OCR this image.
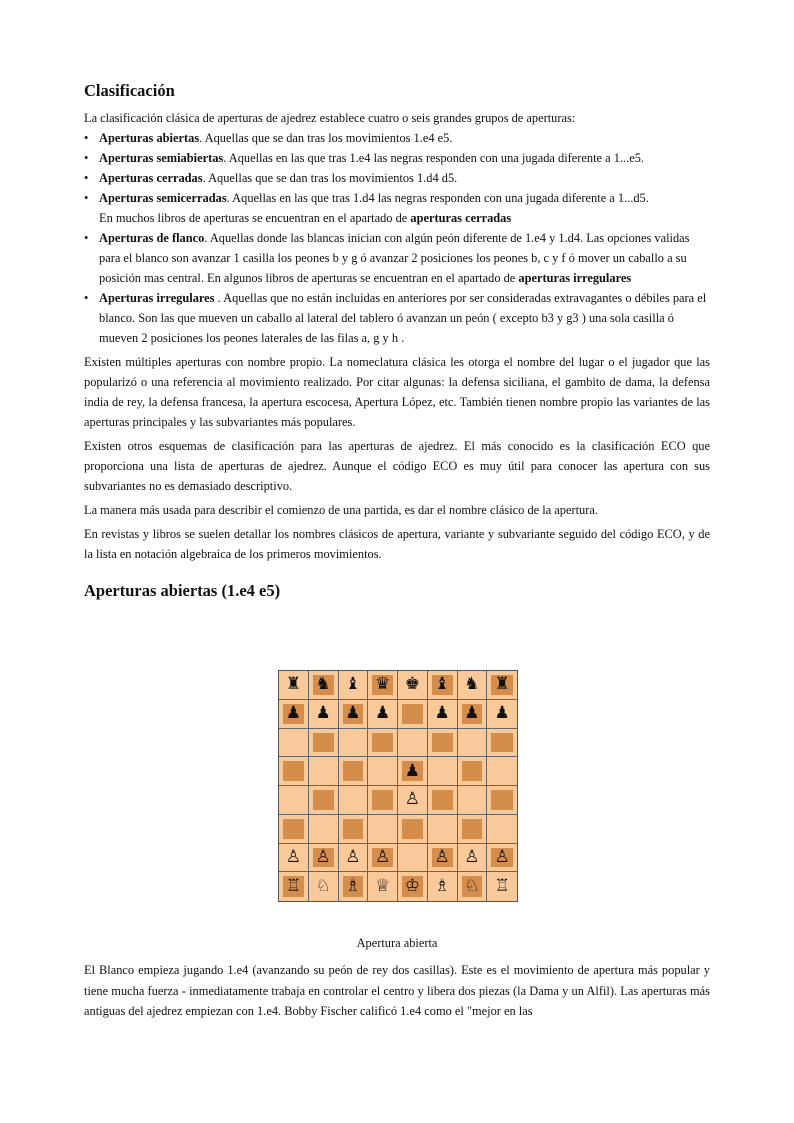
Clasificación

La clasificación clásica de aperturas de ajedrez establece cuatro o seis grandes grupos de aperturas:

• Aperturas abiertas. Aquellas que se dan tras los movimientos 1.e4 e5.
• Aperturas semiabiertas. Aquellas en las que tras 1.e4 las negras responden con una jugada diferente a 1...e5.
• Aperturas cerradas. Aquellas que se dan tras los movimientos 1.d4 d5.
• Aperturas semicerradas. Aquellas en las que tras 1.d4 las negras responden con una jugada diferente a 1...d5.
En muchos libros de aperturas se encuentran en el apartado de aperturas cerradas
• Aperturas de flanco. Aquellas donde las blancas inician con algún peón diferente de 1.e4 y 1.d4. Las opciones validas para el blanco son avanzar 1 casilla los peones b y g ó avanzar 2 posiciones los peones b, c y f ó mover un caballo a su posición mas central. En algunos libros de aperturas se encuentran en el apartado de aperturas irregulares
• Aperturas irregulares . Aquellas que no están incluidas en anteriores por ser consideradas extravagantes o débiles para el blanco. Son las que mueven un caballo al lateral del tablero ó avanzan un peón ( excepto b3 y g3 ) una sola casilla ó mueven 2 posiciones los peones laterales de las filas a, g y h .

Existen múltiples aperturas con nombre propio. La nomeclatura clásica les otorga el nombre del lugar o el jugador que las popularizó o una referencia al movimiento realizado. Por citar algunas: la defensa siciliana, el gambito de dama, la defensa india de rey, la defensa francesa, la apertura escocesa, Apertura López, etc. También tienen nombre propio las variantes de las aperturas principales y las subvariantes más populares.

Existen otros esquemas de clasificación para las aperturas de ajedrez. El más conocido es la clasificación ECO que proporciona una lista de aperturas de ajedrez. Aunque el código ECO es muy útil para conocer las apertura con sus subvariantes no es demasiado descriptivo.

La manera más usada para describir el comienzo de una partida, es dar el nombre clásico de la apertura.

En revistas y libros se suelen detallar los nombres clásicos de apertura, variante y subvariante seguido del código ECO, y de la lista en notación algebraica de los primeros movimientos.

Aperturas abiertas (1.e4 e5)
♜ ♞ ♝ ♛ ♚ ♝ ♞ ♜
♟ ♟ ♟ ♟	♟ ♟ ♟
♟
♙
♙ ♙ ♙ ♙	♙ ♙ ♙
♖ ♘ ♗ ♕ ♔ ♗ ♘ ♖
Apertura abierta
El Blanco empieza jugando 1.e4 (avanzando su peón de rey dos casillas). Este es el movimiento de apertura más popular y tiene mucha fuerza - inmediatamente trabaja en controlar el centro y libera dos piezas (la Dama y un Alfil). Las aperturas más antiguas del ajedrez empiezan con 1.e4. Bobby Fischer calificó 1.e4 como el "mejor en las
